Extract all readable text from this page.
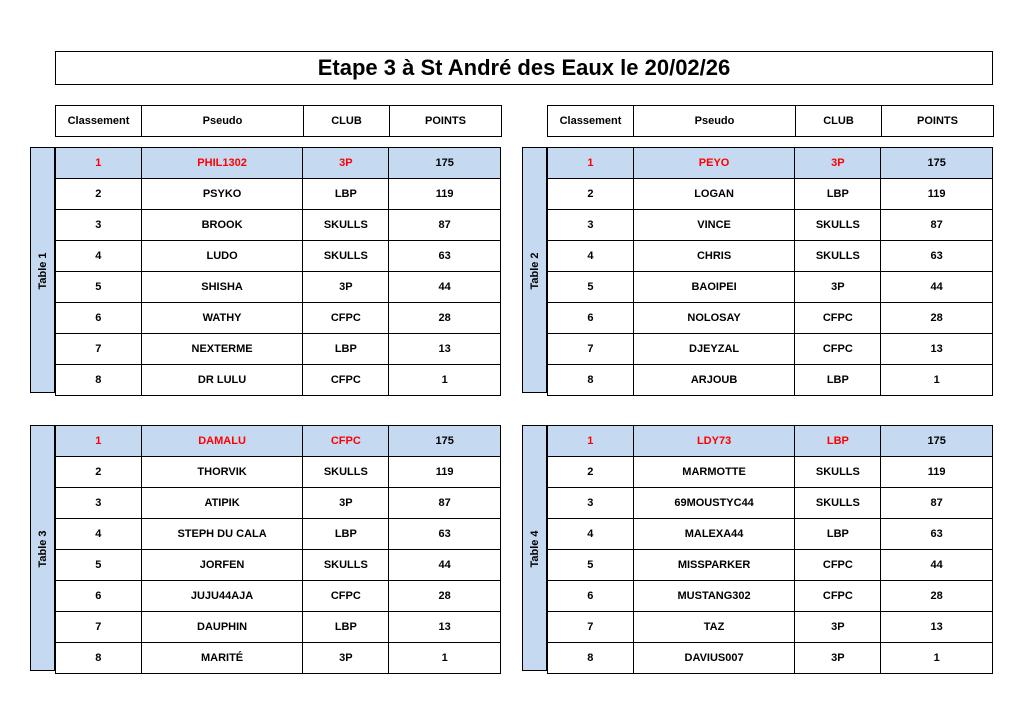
Etape 3 à St André des Eaux le 20/02/26
Classement	Pseudo	CLUB	POINTS	Classement	Pseudo	CLUB	POINTS
Table 1
1	PHIL1302	3P	175
2	PSYKO	LBP	119
3	BROOK	SKULLS	87
4	LUDO	SKULLS	63
5	SHISHA	3P	44
6	WATHY	CFPC	28
7	NEXTERME	LBP	13
8	DR LULU	CFPC	1
Table 2
1	PEYO	3P	175
2	LOGAN	LBP	119
3	VINCE	SKULLS	87
4	CHRIS	SKULLS	63
5	BAOIPEI	3P	44
6	NOLOSAY	CFPC	28
7	DJEYZAL	CFPC	13
8	ARJOUB	LBP	1
Table 3
1	DAMALU	CFPC	175
2	THORVIK	SKULLS	119
3	ATIPIK	3P	87
4	STEPH DU CALA	LBP	63
5	JORFEN	SKULLS	44
6	JUJU44AJA	CFPC	28
7	DAUPHIN	LBP	13
8	MARITÉ	3P	1
Table 4
1	LDY73	LBP	175
2	MARMOTTE	SKULLS	119
3	69MOUSTYC44	SKULLS	87
4	MALEXA44	LBP	63
5	MISSPARKER	CFPC	44
6	MUSTANG302	CFPC	28
7	TAZ	3P	13
8	DAVIUS007	3P	1
